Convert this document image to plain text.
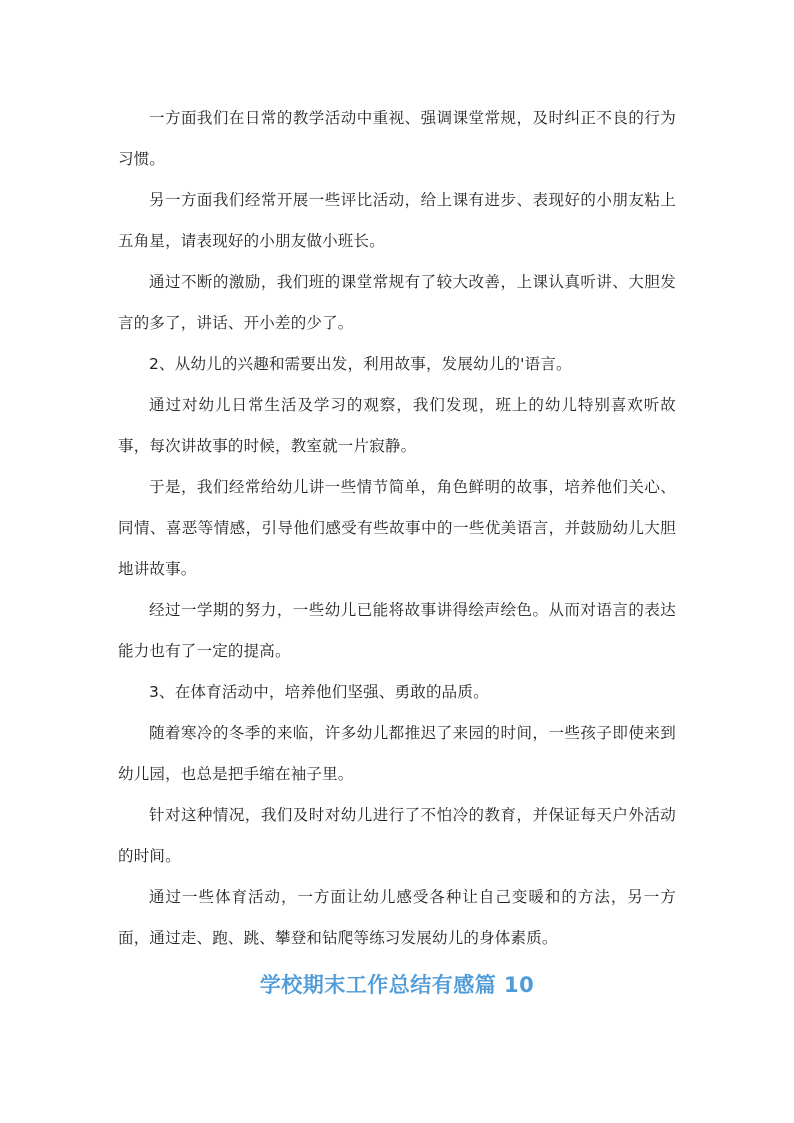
一方面我们在日常的教学活动中重视、强调课堂常规，及时纠正不良的行为习惯。

另一方面我们经常开展一些评比活动，给上课有进步、表现好的小朋友粘上五角星，请表现好的小朋友做小班长。

通过不断的激励，我们班的课堂常规有了较大改善，上课认真听讲、大胆发言的多了，讲话、开小差的少了。

2、从幼儿的兴趣和需要出发，利用故事，发展幼儿的'语言。

通过对幼儿日常生活及学习的观察，我们发现，班上的幼儿特别喜欢听故事，每次讲故事的时候，教室就一片寂静。

于是，我们经常给幼儿讲一些情节简单，角色鲜明的故事，培养他们关心、同情、喜恶等情感，引导他们感受有些故事中的一些优美语言，并鼓励幼儿大胆地讲故事。

经过一学期的努力，一些幼儿已能将故事讲得绘声绘色。从而对语言的表达能力也有了一定的提高。

3、在体育活动中，培养他们坚强、勇敢的品质。

随着寒冷的冬季的来临，许多幼儿都推迟了来园的时间，一些孩子即使来到幼儿园，也总是把手缩在袖子里。

针对这种情况，我们及时对幼儿进行了不怕冷的教育，并保证每天户外活动的时间。

通过一些体育活动，一方面让幼儿感受各种让自己变暖和的方法，另一方面，通过走、跑、跳、攀登和钻爬等练习发展幼儿的身体素质。

学校期末工作总结有感篇 10
